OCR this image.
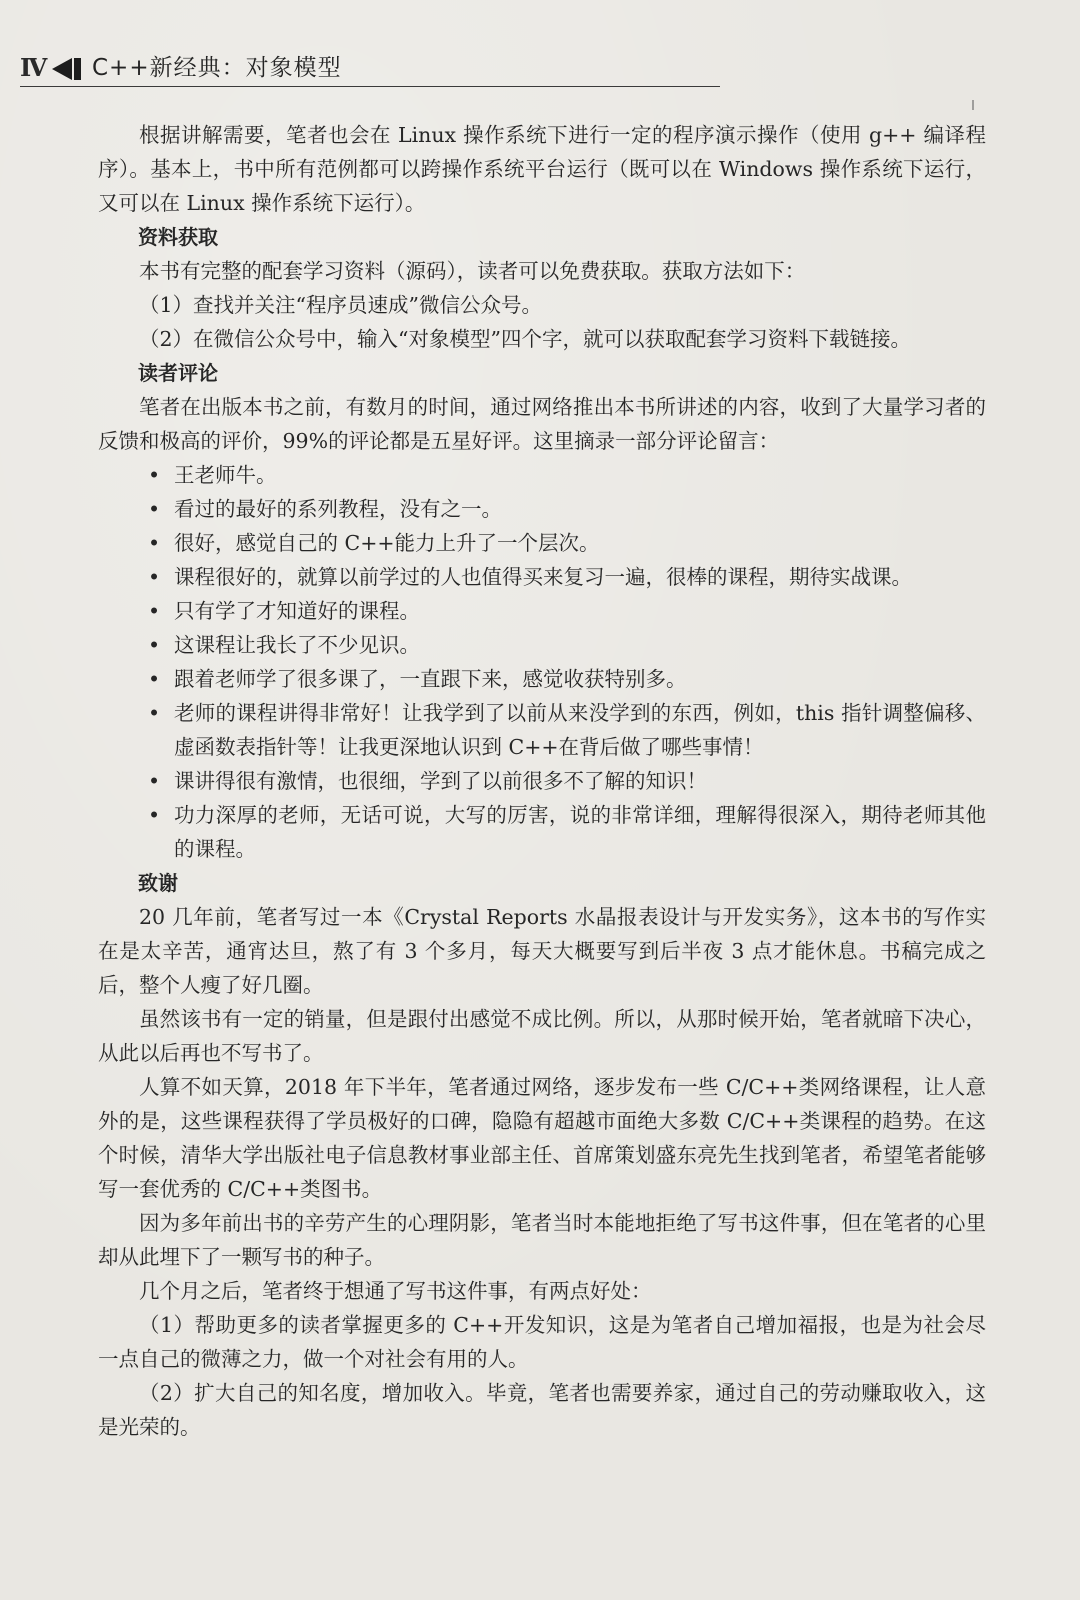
Ⅳ C++新经典：对象模型

根据讲解需要，笔者也会在 Linux 操作系统下进行一定的程序演示操作（使用 g++ 编译程序）。基本上，书中所有范例都可以跨操作系统平台运行（既可以在 Windows 操作系统下运行，又可以在 Linux 操作系统下运行）。

资料获取

本书有完整的配套学习资料（源码），读者可以免费获取。获取方法如下：

（1）查找并关注“程序员速成”微信公众号。

（2）在微信公众号中，输入“对象模型”四个字，就可以获取配套学习资料下载链接。

读者评论

笔者在出版本书之前，有数月的时间，通过网络推出本书所讲述的内容，收到了大量学习者的反馈和极高的评价，99%的评论都是五星好评。这里摘录一部分评论留言：

• 王老师牛。
• 看过的最好的系列教程，没有之一。
• 很好，感觉自己的 C++能力上升了一个层次。
• 课程很好的，就算以前学过的人也值得买来复习一遍，很棒的课程，期待实战课。
• 只有学了才知道好的课程。
• 这课程让我长了不少见识。
• 跟着老师学了很多课了，一直跟下来，感觉收获特别多。
• 老师的课程讲得非常好！让我学到了以前从来没学到的东西，例如，this 指针调整偏移、虚函数表指针等！让我更深地认识到 C++在背后做了哪些事情！
• 课讲得很有激情，也很细，学到了以前很多不了解的知识！
• 功力深厚的老师，无话可说，大写的厉害，说的非常详细，理解得很深入，期待老师其他的课程。

致谢

20 几年前，笔者写过一本《Crystal Reports 水晶报表设计与开发实务》，这本书的写作实在是太辛苦，通宵达旦，熬了有 3 个多月，每天大概要写到后半夜 3 点才能休息。书稿完成之后，整个人瘦了好几圈。

虽然该书有一定的销量，但是跟付出感觉不成比例。所以，从那时候开始，笔者就暗下决心，从此以后再也不写书了。

人算不如天算，2018 年下半年，笔者通过网络，逐步发布一些 C/C++类网络课程，让人意外的是，这些课程获得了学员极好的口碑，隐隐有超越市面绝大多数 C/C++类课程的趋势。在这个时候，清华大学出版社电子信息教材事业部主任、首席策划盛东亮先生找到笔者，希望笔者能够写一套优秀的 C/C++类图书。

因为多年前出书的辛劳产生的心理阴影，笔者当时本能地拒绝了写书这件事，但在笔者的心里却从此埋下了一颗写书的种子。

几个月之后，笔者终于想通了写书这件事，有两点好处：

（1）帮助更多的读者掌握更多的 C++开发知识，这是为笔者自己增加福报，也是为社会尽一点自己的微薄之力，做一个对社会有用的人。

（2）扩大自己的知名度，增加收入。毕竟，笔者也需要养家，通过自己的劳动赚取收入，这是光荣的。
